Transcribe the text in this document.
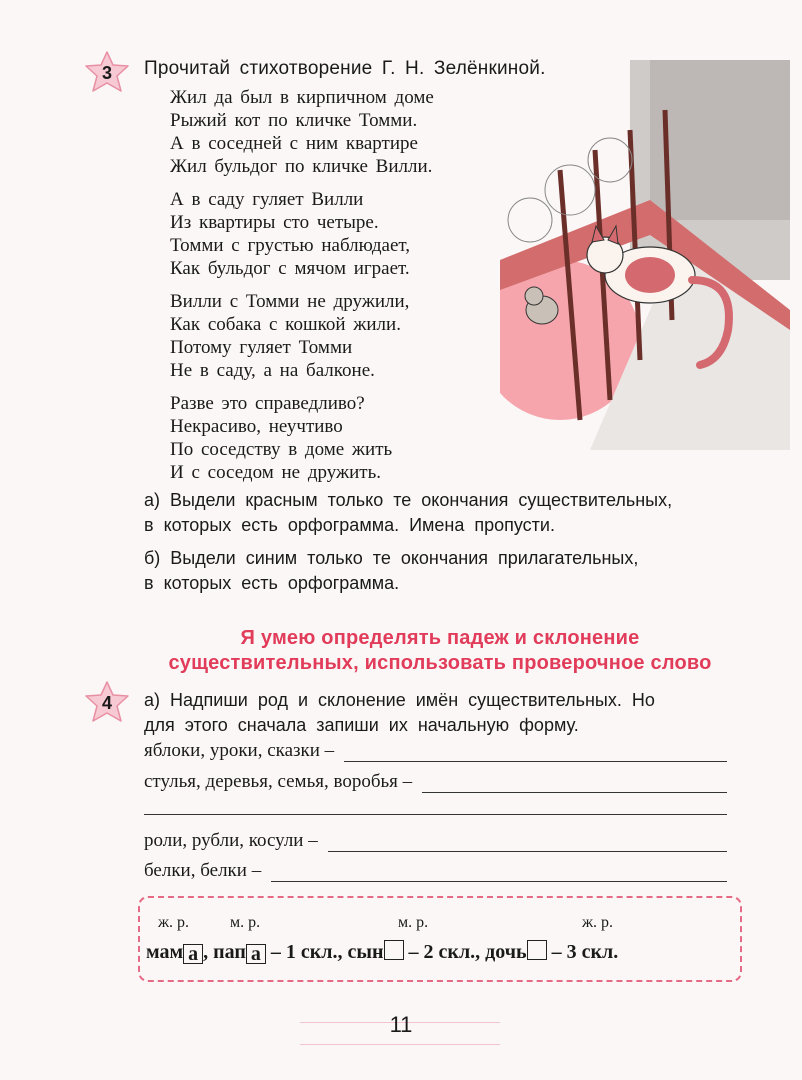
3	Прочитай стихотворение Г. Н. Зелёнкиной.
Жил да был в кирпичном доме
Рыжий кот по кличке Томми.
А в соседней с ним квартире
Жил бульдог по кличке Вилли.
А в саду гуляет Вилли
Из квартиры сто четыре.
Томми с грустью наблюдает,
Как бульдог с мячом играет.
Вилли с Томми не дружили,
Как собака с кошкой жили.
Потому гуляет Томми
Не в саду, а на балконе.
Разве это справедливо?
Некрасиво, неучтиво
По соседству в доме жить
И с соседом не дружить.
а) Выдели красным только те окончания существительных,
в которых есть орфограмма. Имена пропусти.
б) Выдели синим только те окончания прилагательных,
в которых есть орфограмма.
Я умею определять падеж и склонение
существительных, использовать проверочное слово
4	а) Надпиши род и склонение имён существительных. Но
для этого сначала запиши их начальную форму.
яблоки, уроки, сказки –
стулья, деревья, семья, воробья –
роли, рубли, косули –
белки, белки –
ж. р.	м. р.	м. р.	ж. р.
мам а , пап а – 1 скл., сын – 2 скл., дочь – 3 скл.
11
